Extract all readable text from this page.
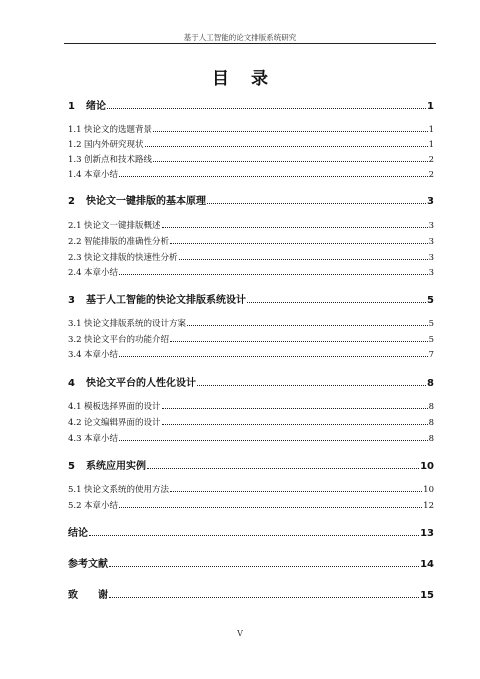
基于人工智能的论文排版系统研究
目录
1 绪论	1
1.1 快论文的选题背景	1
1.2 国内外研究现状	1
1.3 创新点和技术路线	2
1.4 本章小结	2
2 快论文一键排版的基本原理	3
2.1 快论文一键排版概述	3
2.2 智能排版的准确性分析	3
2.3 快论文排版的快速性分析	3
2.4 本章小结	3
3 基于人工智能的快论文排版系统设计	5
3.1 快论文排版系统的设计方案	5
3.2 快论文平台的功能介绍	5
3.4 本章小结	7
4 快论文平台的人性化设计	8
4.1 模板选择界面的设计	8
4.2 论文编辑界面的设计	8
4.3 本章小结	8
5 系统应用实例	10
5.1 快论文系统的使用方法	10
5.2 本章小结	12
结论	13
参考文献	14
致　　谢	15
V
